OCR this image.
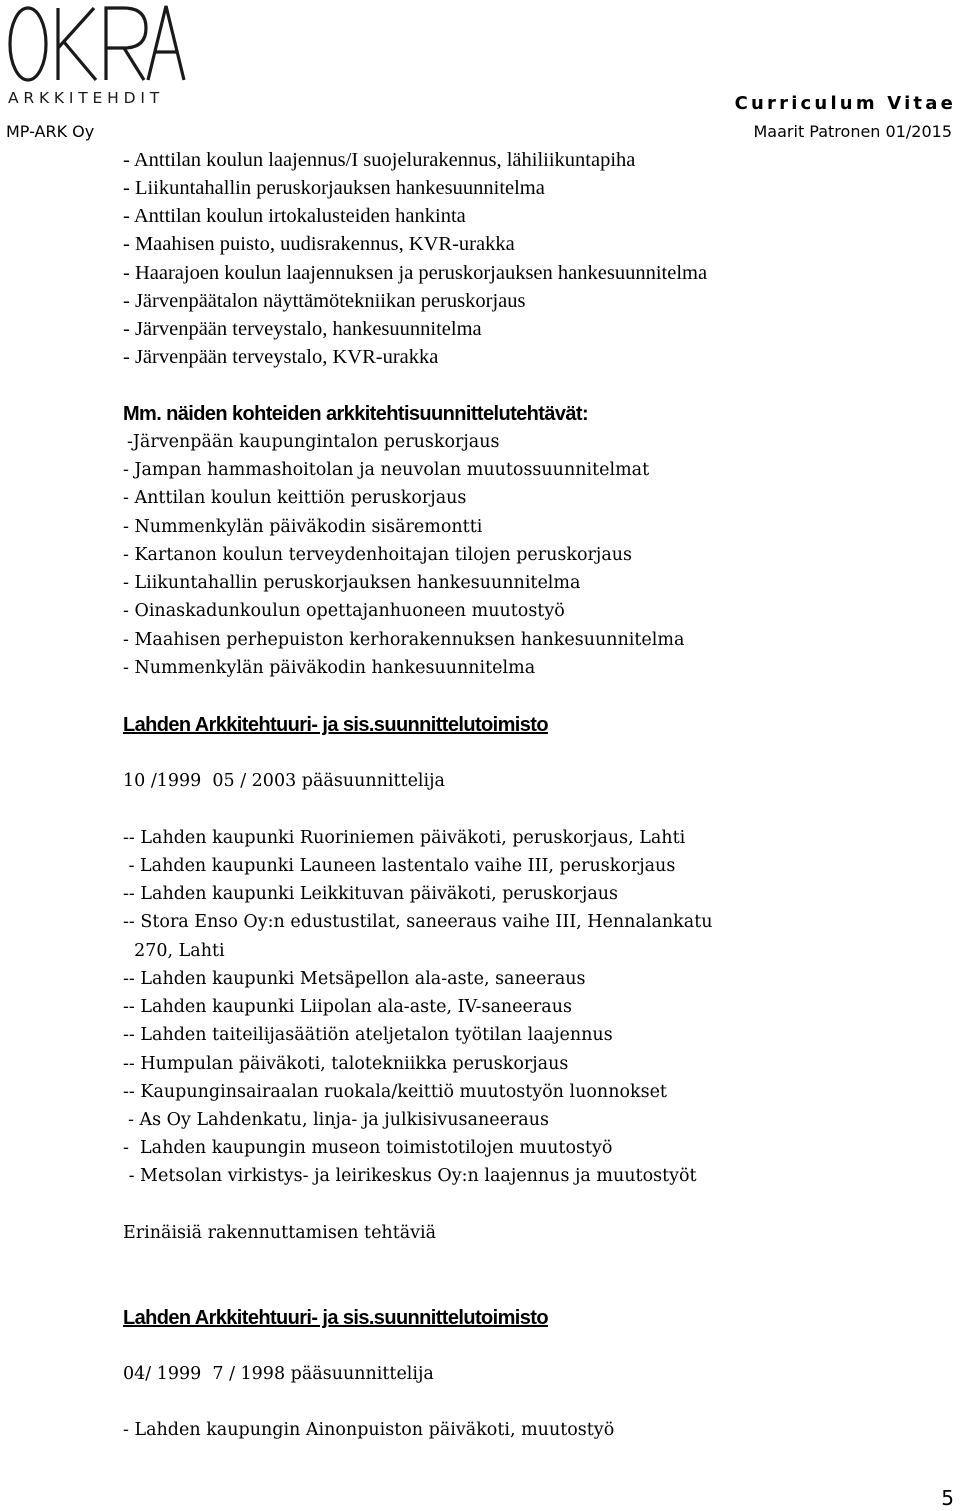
ARKKITEHDIT	Curriculum Vitae
MP-ARK Oy	Maarit Patronen 01/2015
- Anttilan koulun laajennus/I suojelurakennus, lähiliikuntapiha
- Liikuntahallin peruskorjauksen hankesuunnitelma
- Anttilan koulun irtokalusteiden hankinta
- Maahisen puisto, uudisrakennus, KVR-urakka
- Haarajoen koulun laajennuksen ja peruskorjauksen hankesuunnitelma
- Järvenpäätalon näyttämötekniikan peruskorjaus
- Järvenpään terveystalo, hankesuunnitelma
- Järvenpään terveystalo, KVR-urakka
Mm. näiden kohteiden arkkitehtisuunnittelutehtävät:
-Järvenpään kaupungintalon peruskorjaus
- Jampan hammashoitolan ja neuvolan muutossuunnitelmat
- Anttilan koulun keittiön peruskorjaus
- Nummenkylän päiväkodin sisäremontti
- Kartanon koulun terveydenhoitajan tilojen peruskorjaus
- Liikuntahallin peruskorjauksen hankesuunnitelma
- Oinaskadunkoulun opettajanhuoneen muutostyö
- Maahisen perhepuiston kerhorakennuksen hankesuunnitelma
- Nummenkylän päiväkodin hankesuunnitelma
Lahden Arkkitehtuuri- ja sis.suunnittelutoimisto
10 /1999  05 / 2003 pääsuunnittelija
-- Lahden kaupunki Ruoriniemen päiväkoti, peruskorjaus, Lahti
- Lahden kaupunki Launeen lastentalo vaihe III, peruskorjaus
-- Lahden kaupunki Leikkituvan päiväkoti, peruskorjaus
-- Stora Enso Oy:n edustustilat, saneeraus vaihe III, Hennalankatu
270, Lahti
-- Lahden kaupunki Metsäpellon ala-aste, saneeraus
-- Lahden kaupunki Liipolan ala-aste, IV-saneeraus
-- Lahden taiteilijasäätiön ateljetalon työtilan laajennus
-- Humpulan päiväkoti, talotekniikka peruskorjaus
-- Kaupunginsairaalan ruokala/keittiö muutostyön luonnokset
- As Oy Lahdenkatu, linja- ja julkisivusaneeraus
-  Lahden kaupungin museon toimistotilojen muutostyö
- Metsolan virkistys- ja leirikeskus Oy:n laajennus ja muutostyöt
Erinäisiä rakennuttamisen tehtäviä
Lahden Arkkitehtuuri- ja sis.suunnittelutoimisto
04/ 1999  7 / 1998 pääsuunnittelija
- Lahden kaupungin Ainonpuiston päiväkoti, muutostyö
5
